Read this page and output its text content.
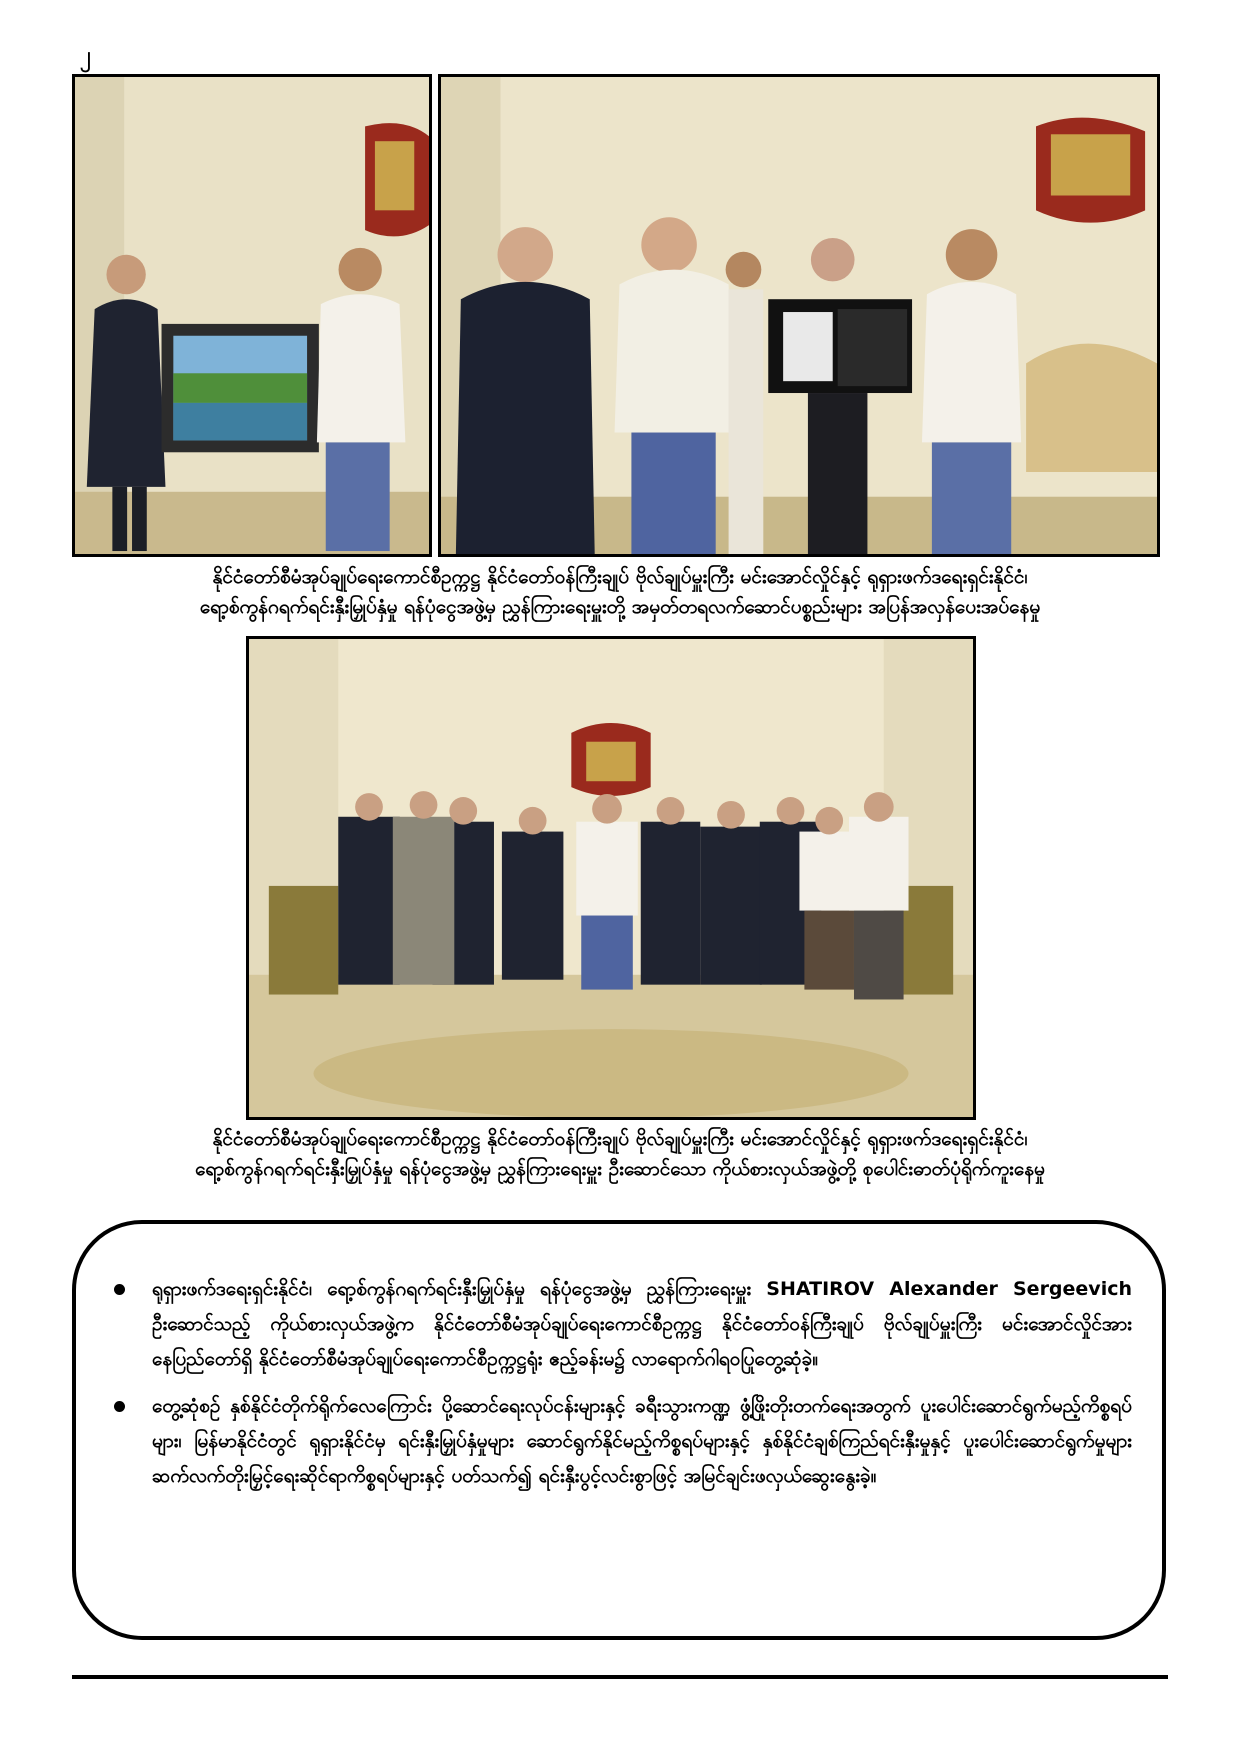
၂
နိုင်ငံတော်စီမံအုပ်ချုပ်ရေးကောင်စီဥက္ကဋ္ဌ နိုင်ငံတော်ဝန်ကြီးချုပ် ဗိုလ်ချုပ်မှူးကြီး မင်းအောင်လှိုင်နှင့် ရုရှားဖက်ဒရေးရှင်းနိုင်ငံ၊
ရော့စ်ကွန်ဂရက်ရင်းနှီးမြှုပ်နှံမှု ရန်ပုံငွေအဖွဲ့မှ ညွှန်ကြားရေးမှူးတို့ အမှတ်တရလက်ဆောင်ပစ္စည်းများ အပြန်အလှန်ပေးအပ်နေမှု
နိုင်ငံတော်စီမံအုပ်ချုပ်ရေးကောင်စီဥက္ကဋ္ဌ နိုင်ငံတော်ဝန်ကြီးချုပ် ဗိုလ်ချုပ်မှူးကြီး မင်းအောင်လှိုင်နှင့် ရုရှားဖက်ဒရေးရှင်းနိုင်ငံ၊
ရော့စ်ကွန်ဂရက်ရင်းနှီးမြှုပ်နှံမှု ရန်ပုံငွေအဖွဲ့မှ ညွှန်ကြားရေးမှူး ဦးဆောင်သော ကိုယ်စားလှယ်အဖွဲ့တို့ စုပေါင်းဓာတ်ပုံရိုက်ကူးနေမှု
ရုရှားဖက်ဒရေးရှင်းနိုင်ငံ၊ ရော့စ်ကွန်ဂရက်ရင်းနှီးမြှုပ်နှံမှု ရန်ပုံငွေအဖွဲ့မှ ညွှန်ကြားရေးမှူး SHATIROV Alexander Sergeevich ဦးဆောင်သည့် ကိုယ်စားလှယ်အဖွဲ့က နိုင်ငံတော်စီမံအုပ်ချုပ်ရေးကောင်စီဥက္ကဋ္ဌ နိုင်ငံတော်ဝန်ကြီးချုပ် ဗိုလ်ချုပ်မှူးကြီး မင်းအောင်လှိုင်အား နေပြည်တော်ရှိ နိုင်ငံတော်စီမံအုပ်ချုပ်ရေးကောင်စီဥက္ကဋ္ဌရုံး ဧည့်ခန်းမ၌ လာရောက်ဂါရဝပြုတွေ့ဆုံခဲ့။
တွေ့ဆုံစဉ် နှစ်နိုင်ငံတိုက်ရိုက်လေကြောင်း ပို့ဆောင်ရေးလုပ်ငန်းများနှင့် ခရီးသွားကဏ္ဍ ဖွံ့ဖြိုးတိုးတက်ရေးအတွက် ပူးပေါင်းဆောင်ရွက်မည့်ကိစ္စရပ်များ၊ မြန်မာနိုင်ငံတွင် ရုရှားနိုင်ငံမှ ရင်းနှီးမြှုပ်နှံမှုများ ဆောင်ရွက်နိုင်မည့်ကိစ္စရပ်များနှင့် နှစ်နိုင်ငံချစ်ကြည်ရင်းနှီးမှုနှင့် ပူးပေါင်းဆောင်ရွက်မှုများ ဆက်လက်တိုးမြှင့်ရေးဆိုင်ရာကိစ္စရပ်များနှင့် ပတ်သက်၍ ရင်းနှီးပွင့်လင်းစွာဖြင့် အမြင်ချင်းဖလှယ်ဆွေးနွေးခဲ့။
